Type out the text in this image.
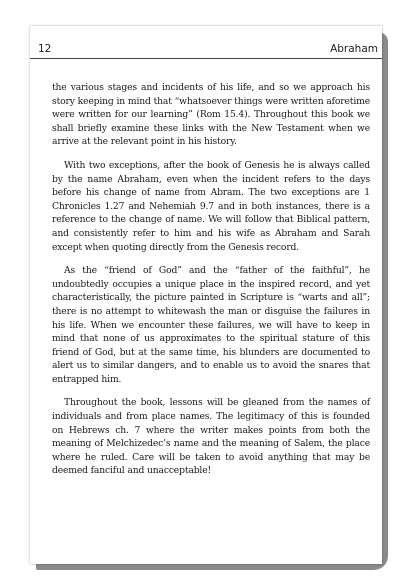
12	Abraham

the various stages and incidents of his life, and so we approach his story keeping in mind that “whatsoever things were written aforetime were written for our learning” (Rom 15.4). Throughout this book we shall briefly examine these links with the New Testament when we arrive at the relevant point in his history.

With two exceptions, after the book of Genesis he is always called by the name Abraham, even when the incident refers to the days before his change of name from Abram. The two exceptions are 1 Chronicles 1.27 and Nehemiah 9.7 and in both instances, there is a reference to the change of name. We will follow that Biblical pattern, and consistently refer to him and his wife as Abraham and Sarah except when quoting directly from the Genesis record.

As the “friend of God” and the “father of the faithful”, he undoubtedly occupies a unique place in the inspired record, and yet characteristically, the picture painted in Scripture is “warts and all”; there is no attempt to whitewash the man or disguise the failures in his life. When we encounter these failures, we will have to keep in mind that none of us approximates to the spiritual stature of this friend of God, but at the same time, his blunders are documented to alert us to similar dangers, and to enable us to avoid the snares that entrapped him.

Throughout the book, lessons will be gleaned from the names of individuals and from place names. The legitimacy of this is founded on Hebrews ch. 7 where the writer makes points from both the meaning of Melchizedec’s name and the meaning of Salem, the place where he ruled. Care will be taken to avoid anything that may be deemed fanciful and unacceptable!
